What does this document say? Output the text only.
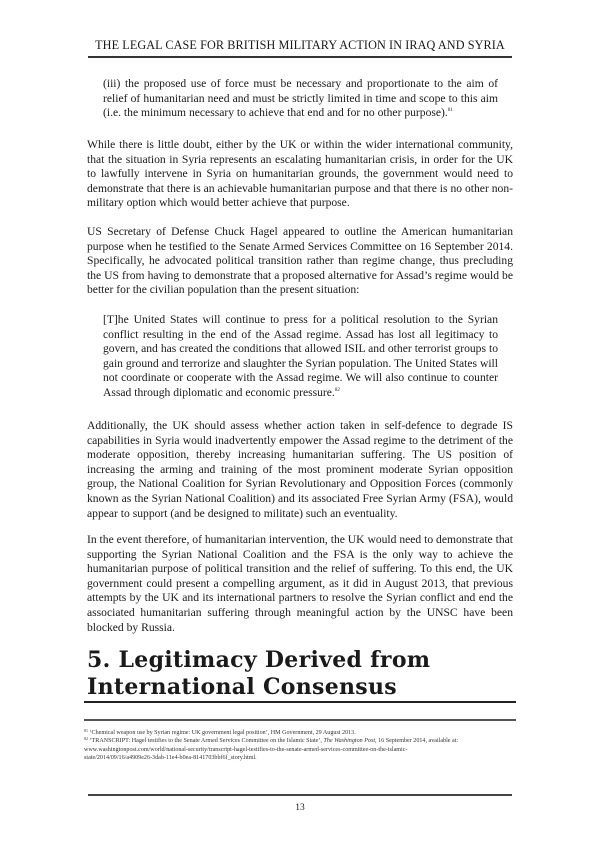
THE LEGAL CASE FOR BRITISH MILITARY ACTION IN IRAQ AND SYRIA
(iii) the proposed use of force must be necessary and proportionate to the aim of relief of humanitarian need and must be strictly limited in time and scope to this aim (i.e. the minimum necessary to achieve that end and for no other purpose).$^{81}$
While there is little doubt, either by the UK or within the wider international community, that the situation in Syria represents an escalating humanitarian crisis, in order for the UK to lawfully intervene in Syria on humanitarian grounds, the government would need to demonstrate that there is an achievable humanitarian purpose and that there is no other non-military option which would better achieve that purpose.
US Secretary of Defense Chuck Hagel appeared to outline the American humanitarian purpose when he testified to the Senate Armed Services Committee on 16 September 2014. Specifically, he advocated political transition rather than regime change, thus precluding the US from having to demonstrate that a proposed alternative for Assad’s regime would be better for the civilian population than the present situation:
[T]he United States will continue to press for a political resolution to the Syrian conflict resulting in the end of the Assad regime. Assad has lost all legitimacy to govern, and has created the conditions that allowed ISIL and other terrorist groups to gain ground and terrorize and slaughter the Syrian population. The United States will not coordinate or cooperate with the Assad regime. We will also continue to counter Assad through diplomatic and economic pressure.$^{82}$
Additionally, the UK should assess whether action taken in self-defence to degrade IS capabilities in Syria would inadvertently empower the Assad regime to the detriment of the moderate opposition, thereby increasing humanitarian suffering. The US position of increasing the arming and training of the most prominent moderate Syrian opposition group, the National Coalition for Syrian Revolutionary and Opposition Forces (commonly known as the Syrian National Coalition) and its associated Free Syrian Army (FSA), would appear to support (and be designed to militate) such an eventuality.
In the event therefore, of humanitarian intervention, the UK would need to demonstrate that supporting the Syrian National Coalition and the FSA is the only way to achieve the humanitarian purpose of political transition and the relief of suffering. To this end, the UK government could present a compelling argument, as it did in August 2013, that previous attempts by the UK and its international partners to resolve the Syrian conflict and end the associated humanitarian suffering through meaningful action by the UNSC have been blocked by Russia.
5. Legitimacy Derived from International Consensus
$^{81}$ ‘Chemical weapon use by Syrian regime: UK government legal position’, HM Government, 29 August 2013.
$^{82}$ ‘TRANSCRIPT: Hagel testifies to the Senate Armed Services Committee on the Islamic State’, The Washington Post, 16 September 2014, available at:
www.washingtonpost.com/world/national-security/transcript-hagel-testifies-to-the-senate-armed-services-committee-on-the-islamic-
state/2014/09/16/a4909e26-3dab-11e4-b0ea-8141703bbf6f_story.html.
13
